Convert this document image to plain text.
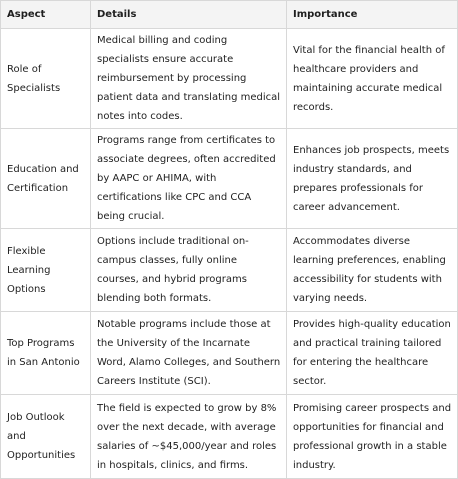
Aspect	Details	Importance
Role of Specialists	Medical billing and coding specialists ensure accurate reimbursement by processing patient data and translating medical notes into codes.	Vital for the financial health of healthcare providers and maintaining accurate medical records.
Education and Certification	Programs range from certificates to associate degrees, often accredited by AAPC or AHIMA, with certifications like CPC and CCA being crucial.	Enhances job prospects, meets industry standards, and prepares professionals for career advancement.
Flexible Learning Options	Options include traditional on-campus classes, fully online courses, and hybrid programs blending both formats.	Accommodates diverse learning preferences, enabling accessibility for students with varying needs.
Top Programs in San Antonio	Notable programs include those at the University of the Incarnate Word, Alamo Colleges, and Southern Careers Institute (SCI).	Provides high-quality education and practical training tailored for entering the healthcare sector.
Job Outlook and Opportunities	The field is expected to grow by 8% over the next decade, with average salaries of ~$45,000/year and roles in hospitals, clinics, and firms.	Promising career prospects and opportunities for financial and professional growth in a stable industry.
